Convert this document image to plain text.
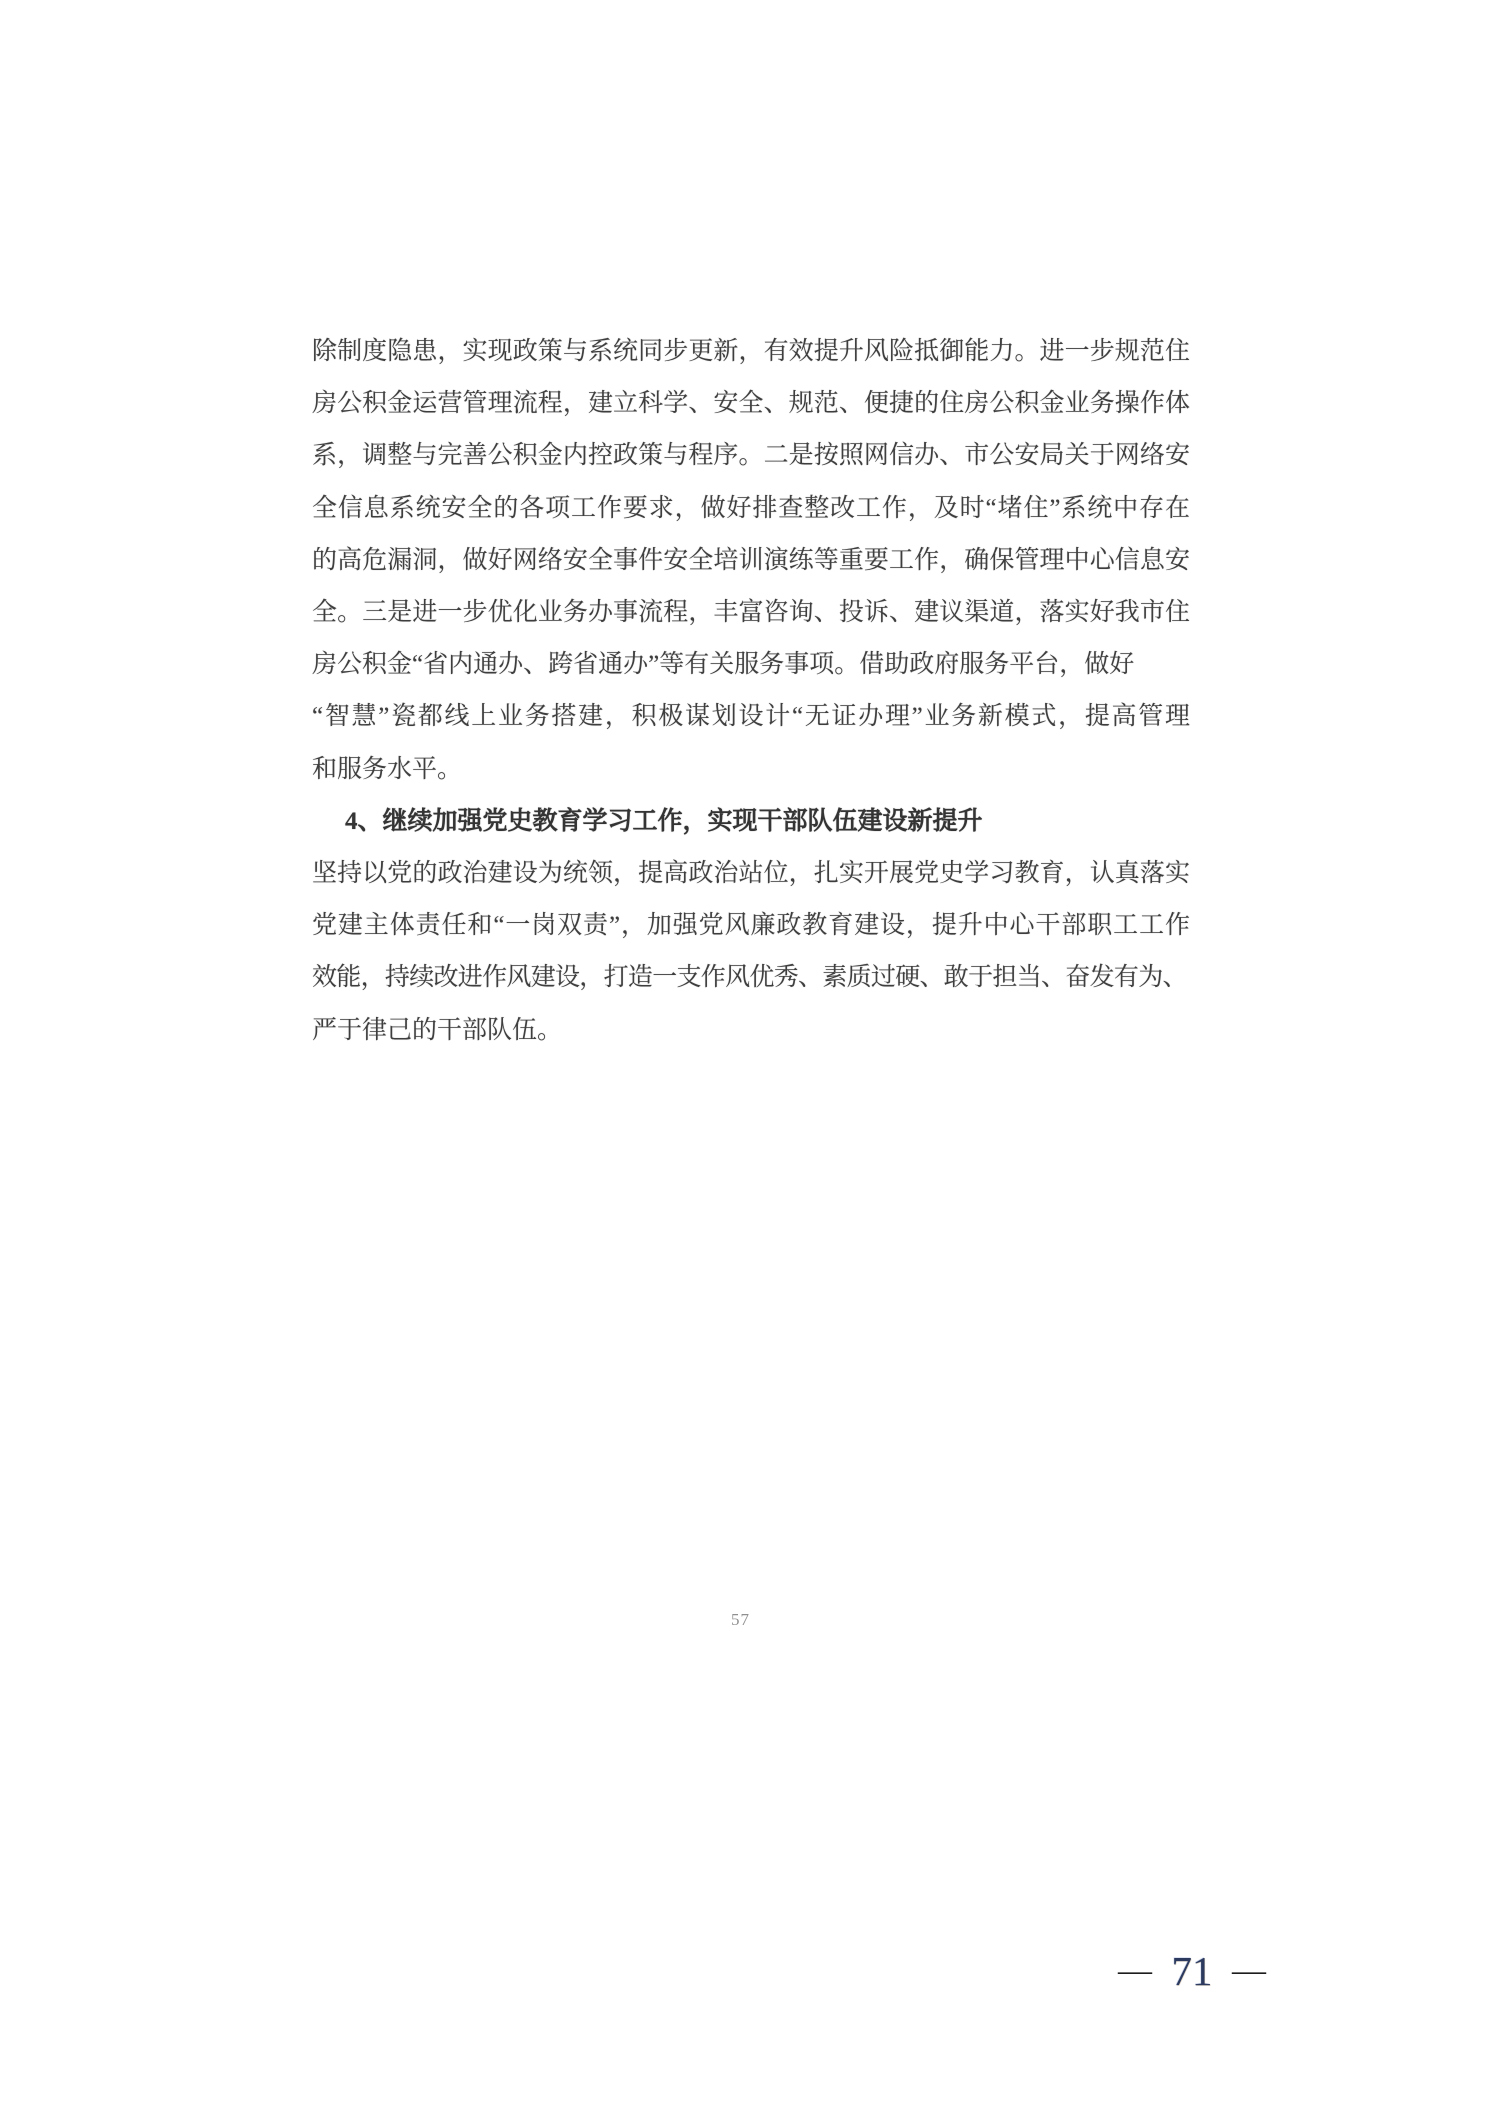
除制度隐患，实现政策与系统同步更新，有效提升风险抵御能力。进一步规范住
房公积金运营管理流程，建立科学、安全、规范、便捷的住房公积金业务操作体
系，调整与完善公积金内控政策与程序。二是按照网信办、市公安局关于网络安
全信息系统安全的各项工作要求，做好排查整改工作，及时“堵住”系统中存在
的高危漏洞，做好网络安全事件安全培训演练等重要工作，确保管理中心信息安
全。三是进一步优化业务办事流程，丰富咨询、投诉、建议渠道，落实好我市住
房公积金“省内通办、跨省通办”等有关服务事项。借助政府服务平台，做好
“智慧”瓷都线上业务搭建，积极谋划设计“无证办理”业务新模式，提高管理
和服务水平。
4、继续加强党史教育学习工作，实现干部队伍建设新提升
坚持以党的政治建设为统领，提高政治站位，扎实开展党史学习教育，认真落实
党建主体责任和“一岗双责”，加强党风廉政教育建设，提升中心干部职工工作
效能，持续改进作风建设，打造一支作风优秀、素质过硬、敢于担当、奋发有为、
严于律己的干部队伍。
57
— 71 —
